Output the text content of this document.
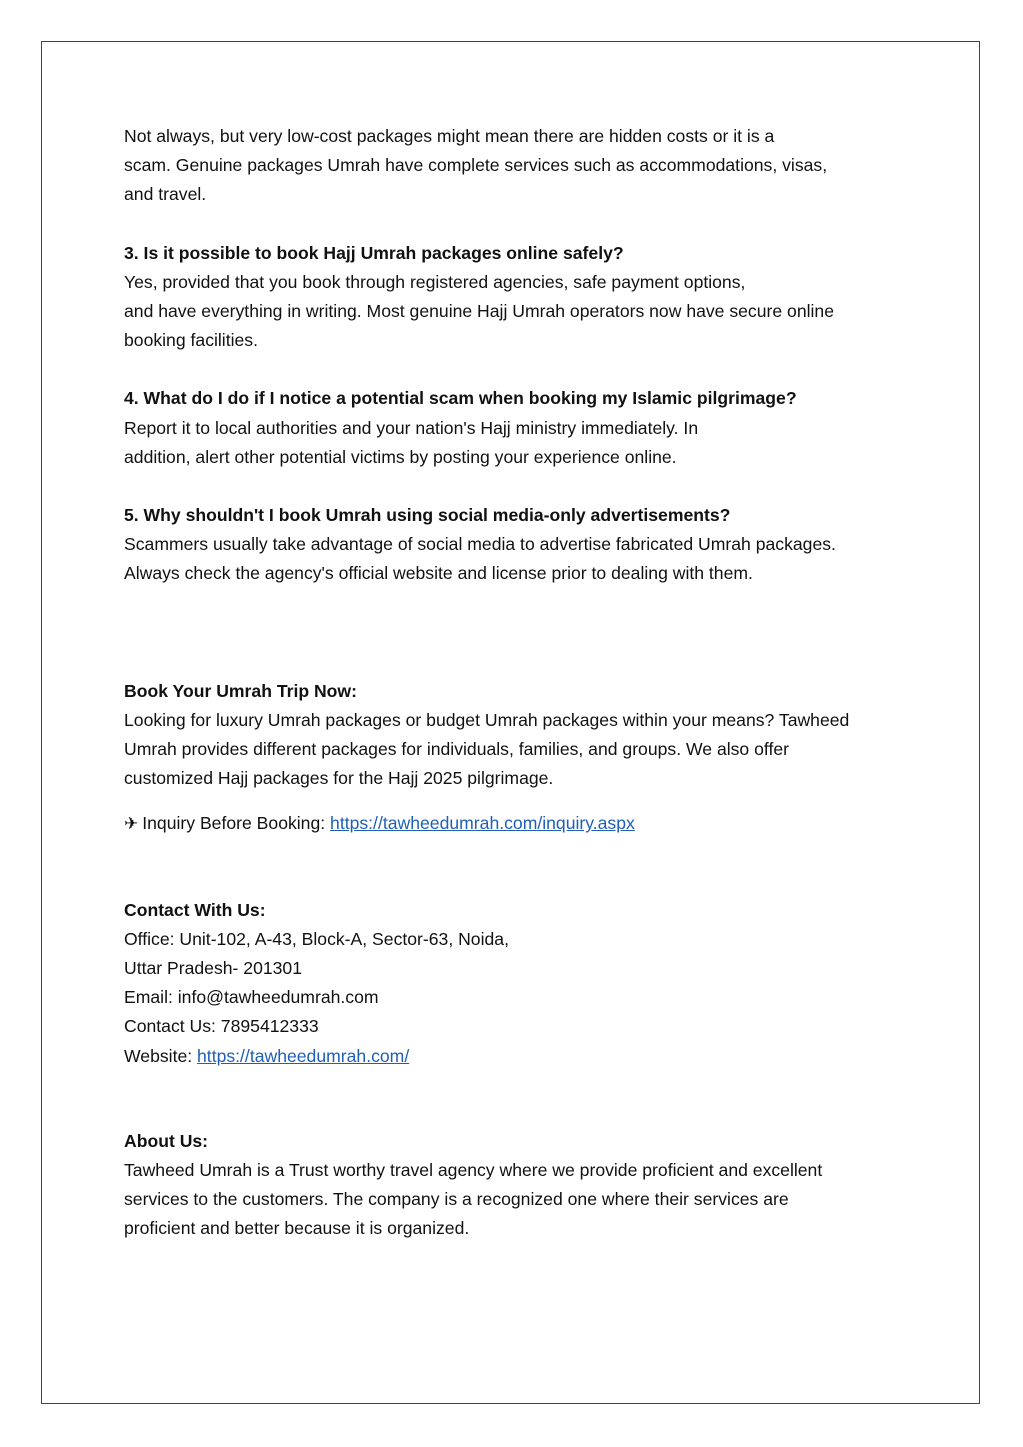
Not always, but very low-cost packages might mean there are hidden costs or it is a
scam. Genuine packages Umrah have complete services such as accommodations, visas,
and travel.
3. Is it possible to book Hajj Umrah packages online safely?
Yes, provided that you book through registered agencies, safe payment options,
and have everything in writing. Most genuine Hajj Umrah operators now have secure online
booking facilities.
4. What do I do if I notice a potential scam when booking my Islamic pilgrimage?
Report it to local authorities and your nation's Hajj ministry immediately. In
addition, alert other potential victims by posting your experience online.
5. Why shouldn't I book Umrah using social media-only advertisements?
Scammers usually take advantage of social media to advertise fabricated Umrah packages.
Always check the agency's official website and license prior to dealing with them.
Book Your Umrah Trip Now:
Looking for luxury Umrah packages or budget Umrah packages within your means? Tawheed
Umrah provides different packages for individuals, families, and groups. We also offer
customized Hajj packages for the Hajj 2025 pilgrimage.
✈ Inquiry Before Booking: https://tawheedumrah.com/inquiry.aspx
Contact With Us:
Office: Unit-102, A-43, Block-A, Sector-63, Noida,
Uttar Pradesh- 201301
Email: info@tawheedumrah.com
Contact Us: 7895412333
Website: https://tawheedumrah.com/
About Us:
Tawheed Umrah is a Trust worthy travel agency where we provide proficient and excellent
services to the customers. The company is a recognized one where their services are
proficient and better because it is organized.
